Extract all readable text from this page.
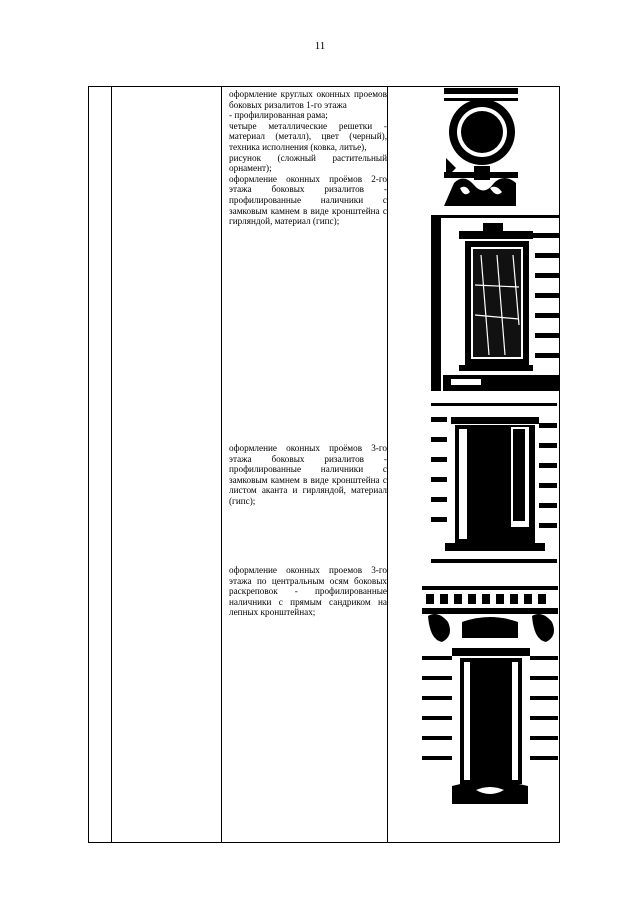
11

оформление круглых оконных проемов боковых ризалитов 1-го этажа

- профилированная рама;

четыре металлические решетки - материал (металл), цвет (черный), техника исполнения (ковка, литье),

рисунок (сложный растительный орнамент);

оформление оконных проёмов 2-го этажа боковых ризалитов - профилированные наличники с замковым камнем в виде кронштейна с гирляндой, материал (гипс);

оформление оконных проёмов 3-го этажа боковых ризалитов - профилированные наличники с замковым камнем в виде кронштейна с листом аканта и гирляндой, материал (гипс);

оформление оконных проемов 3-го этажа по центральным осям боковых раскреповок - профилированные наличники с прямым сандриком на лепных кронштейнах;
